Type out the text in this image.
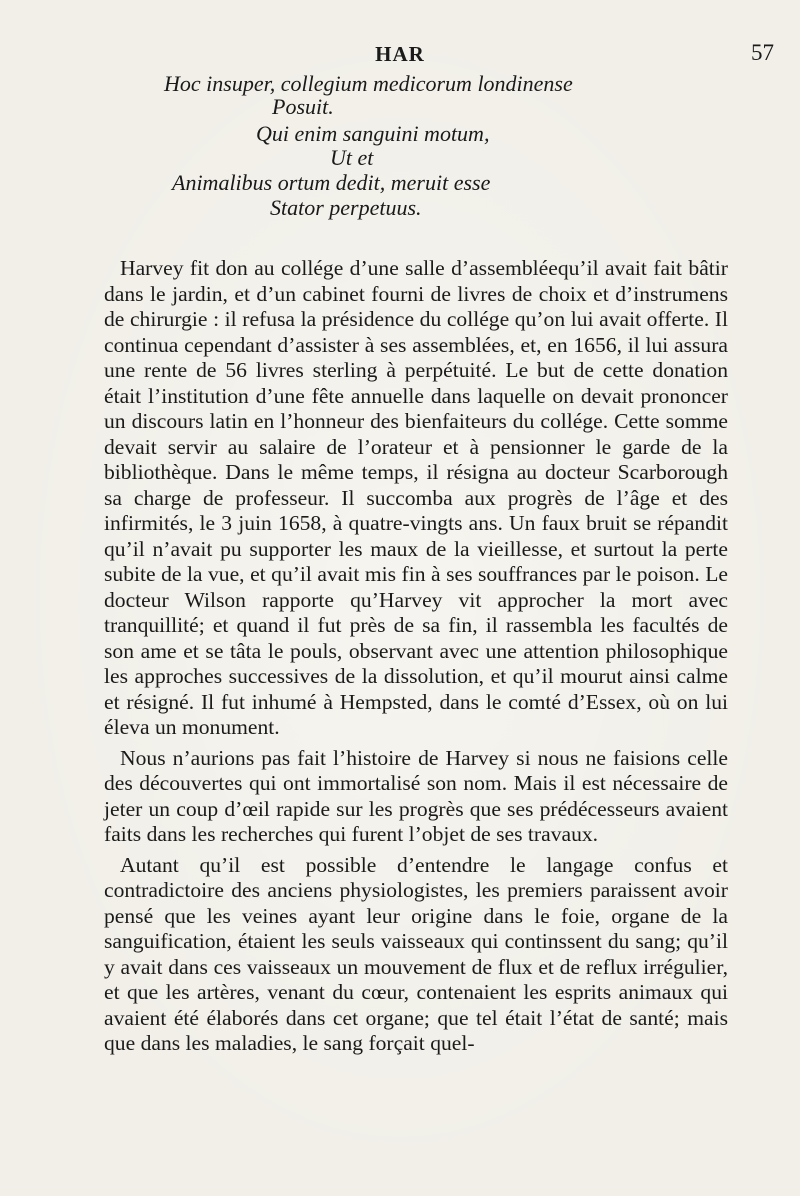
HAR	57
Hoc insuper, collegium medicorum londinense
Posuit.
Qui enim sanguini motum,
Ut et
Animalibus ortum dedit, meruit esse
Stator perpetuus.

Harvey fit don au collége d’une salle d’assembléequ’il avait fait bâtir dans le jardin, et d’un cabinet fourni de livres de choix et d’instrumens de chirurgie : il refusa la présidence du collége qu’on lui avait offerte. Il continua cependant d’assister à ses assemblées, et, en 1656, il lui assura une rente de 56 livres sterling à perpétuité. Le but de cette donation était l’institution d’une fête annuelle dans laquelle on devait prononcer un discours latin en l’honneur des bienfaiteurs du collége. Cette somme devait servir au salaire de l’orateur et à pensionner le garde de la bibliothèque. Dans le même temps, il résigna au docteur Scarborough sa charge de professeur. Il succomba aux progrès de l’âge et des infirmités, le 3 juin 1658, à quatre-vingts ans. Un faux bruit se répandit qu’il n’avait pu supporter les maux de la vieillesse, et surtout la perte subite de la vue, et qu’il avait mis fin à ses souffrances par le poison. Le docteur Wilson rapporte qu’Harvey vit approcher la mort avec tranquillité; et quand il fut près de sa fin, il rassembla les facultés de son ame et se tâta le pouls, observant avec une attention philosophique les approches successives de la dissolution, et qu’il mourut ainsi calme et résigné. Il fut inhumé à Hempsted, dans le comté d’Essex, où on lui éleva un monument.

Nous n’aurions pas fait l’histoire de Harvey si nous ne faisions celle des découvertes qui ont immortalisé son nom. Mais il est nécessaire de jeter un coup d’œil rapide sur les progrès que ses prédécesseurs avaient faits dans les recherches qui furent l’objet de ses travaux.

Autant qu’il est possible d’entendre le langage confus et contradictoire des anciens physiologistes, les premiers paraissent avoir pensé que les veines ayant leur origine dans le foie, organe de la sanguification, étaient les seuls vaisseaux qui continssent du sang; qu’il y avait dans ces vaisseaux un mouvement de flux et de reflux irrégulier, et que les artères, venant du cœur, contenaient les esprits animaux qui avaient été élaborés dans cet organe; que tel était l’état de santé; mais que dans les maladies, le sang forçait quel-
